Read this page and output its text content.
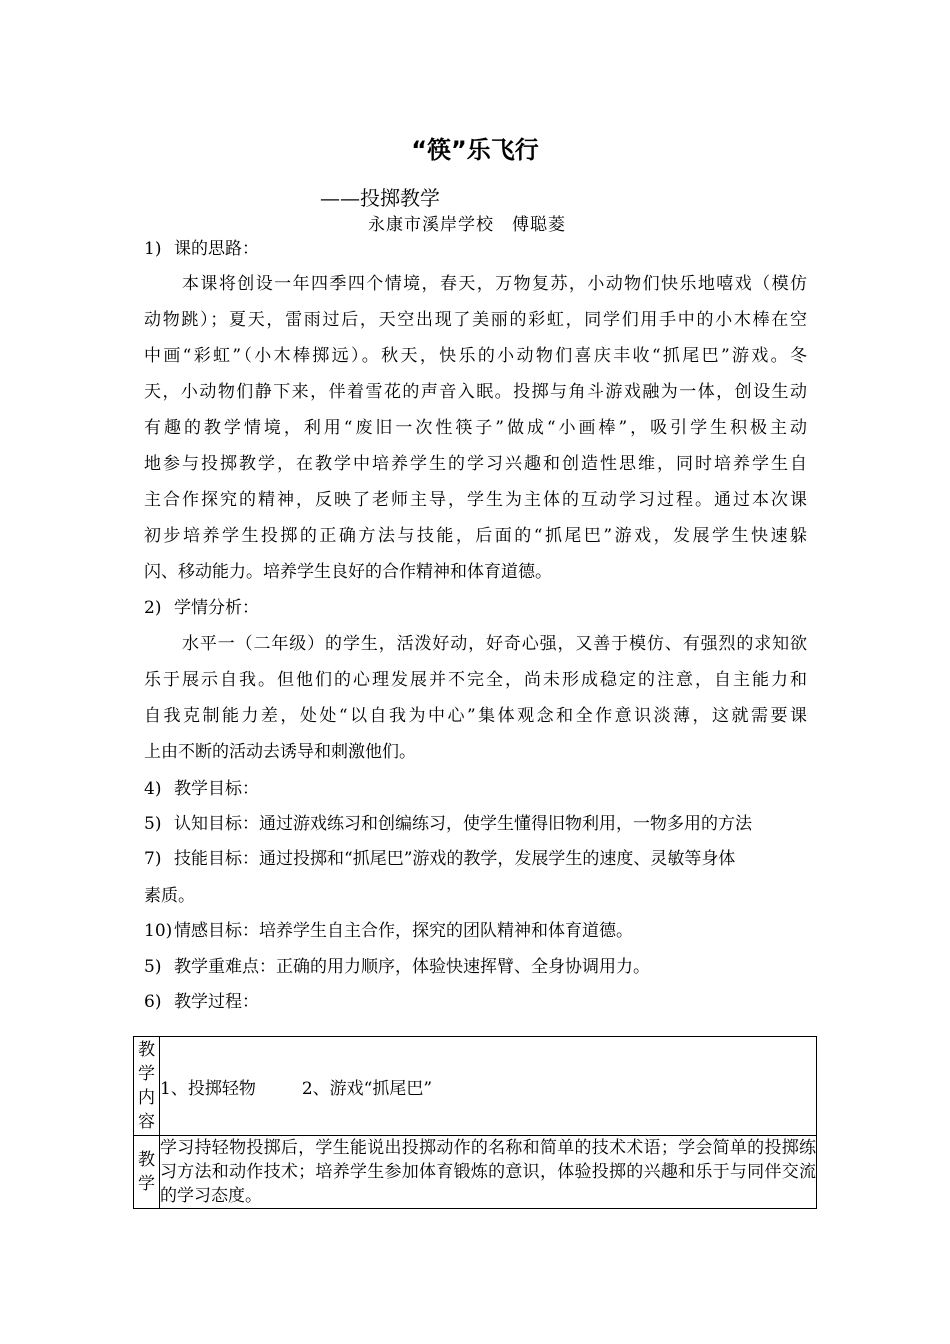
“筷”乐飞行
——投掷教学
永康市溪岸学校　傅聪菱
1) 课的思路：
本课将创设一年四季四个情境，春天，万物复苏，小动物们快乐地嘻戏（模仿
动物跳）；夏天，雷雨过后，天空出现了美丽的彩虹，同学们用手中的小木棒在空
中画“彩虹”（小木棒掷远）。秋天，快乐的小动物们喜庆丰收“抓尾巴”游戏。冬
天，小动物们静下来，伴着雪花的声音入眠。投掷与角斗游戏融为一体，创设生动
有趣的教学情境，利用“废旧一次性筷子”做成“小画棒”，吸引学生积极主动
地参与投掷教学，在教学中培养学生的学习兴趣和创造性思维，同时培养学生自
主合作探究的精神，反映了老师主导，学生为主体的互动学习过程。通过本次课
初步培养学生投掷的正确方法与技能，后面的“抓尾巴”游戏，发展学生快速躲
闪、移动能力。培养学生良好的合作精神和体育道德。
2) 学情分析：
水平一（二年级）的学生，活泼好动，好奇心强，又善于模仿、有强烈的求知欲
乐于展示自我。但他们的心理发展并不完全，尚未形成稳定的注意，自主能力和
自我克制能力差，处处“以自我为中心”集体观念和全作意识淡薄，这就需要课
上由不断的活动去诱导和刺激他们。
4) 教学目标：
5) 认知目标：通过游戏练习和创编练习，使学生懂得旧物利用，一物多用的方法
7) 技能目标：通过投掷和“抓尾巴”游戏的教学，发展学生的速度、灵敏等身体
素质。
10) 情感目标：培养学生自主合作，探究的团队精神和体育道德。
5) 教学重难点：正确的用力顺序，体验快速挥臂、全身协调用力。
6) 教学过程：
教
学
内
容	1、投掷轻物 2、游戏“抓尾巴”

教
学	学习持轻物投掷后，学生能说出投掷动作的名称和简单的技术术语；学会简单的投掷练习方法和动作技术；培养学生参加体育锻炼的意识，体验投掷的兴趣和乐于与同伴交流的学习态度。
